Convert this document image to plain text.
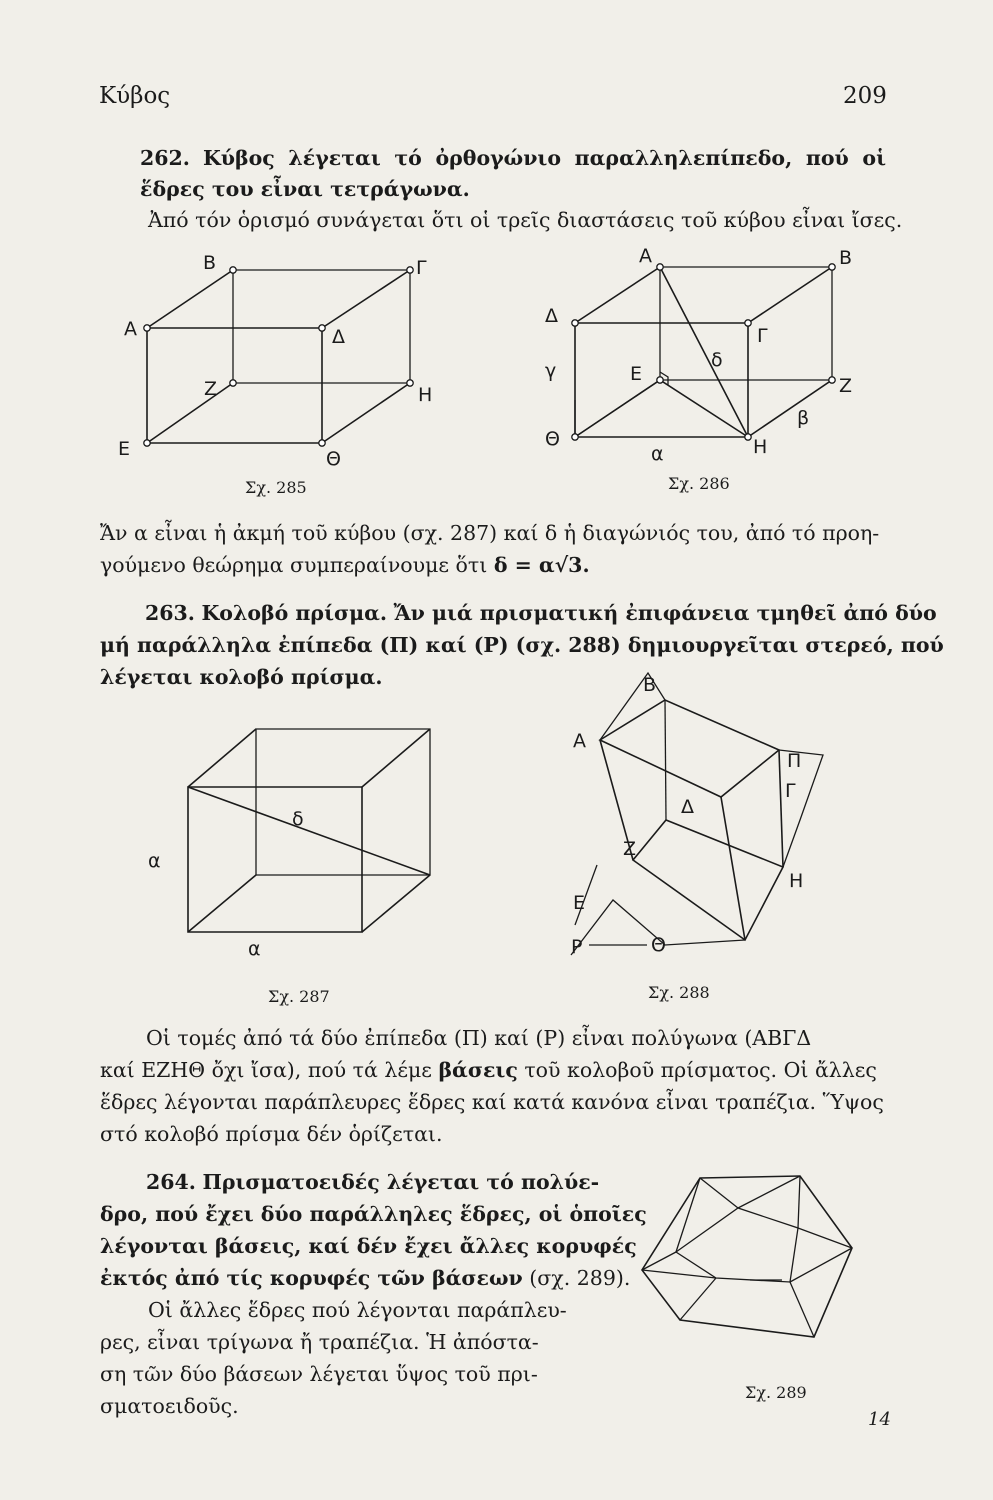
Κύβος	209
262. Κύβος λέγεται τό ὀρθογώνιο παραλληλεπίπεδο, πού οἱ ἕδρες του εἶναι τετράγωνα.
Ἀπό τόν ὁρισμό συνάγεται ὅτι οἱ τρεῖς διαστάσεις τοῦ κύβου εἶναι ἴσες.
Α
Β	Γ
Δ
Ζ	Η
Ε	Θ
Σχ. 285
Α	Β
Γ
Δ
Ε
Ζ
Η
Θ
α
β
γ	δ
Σχ. 286
Ἄν α εἶναι ἡ ἀκμή τοῦ κύβου (σχ. 287) καί δ ἡ διαγώνιός του, ἀπό τό προη-
γούμενο θεώρημα συμπεραίνουμε ὅτι δ = α√3.
263. Κολοβό πρίσμα. Ἄν μιά πρισματική ἐπιφάνεια τμηθεῖ ἀπό δύο
μή παράλληλα ἐπίπεδα (Π) καί (Ρ) (σχ. 288) δημιουργεῖται στερεό, πού
λέγεται κολοβό πρίσμα.
δ
α
α
Σχ. 287
Β
Α
Π
Γ
Δ
Ζ
Η
Ε
Ρ	Θ
Σχ. 288
Οἱ τομές ἀπό τά δύο ἐπίπεδα (Π) καί (Ρ) εἶναι πολύγωνα (ΑΒΓΔ
καί ΕΖΗΘ ὄχι ἴσα), πού τά λέμε βάσεις τοῦ κολοβοῦ πρίσματος. Οἱ ἄλλες
ἕδρες λέγονται παράπλευρες ἕδρες καί κατά κανόνα εἶναι τραπέζια. Ὕψος
στό κολοβό πρίσμα δέν ὁρίζεται.
264. Πρισματοειδές λέγεται τό πολύε-
δρο, πού ἔχει δύο παράλληλες ἕδρες, οἱ ὁποῖες
λέγονται βάσεις, καί δέν ἔχει ἄλλες κορυφές
ἐκτός ἀπό τίς κορυφές τῶν βάσεων (σχ. 289).
Οἱ ἄλλες ἕδρες πού λέγονται παράπλευ-
ρες, εἶναι τρίγωνα ἤ τραπέζια. Ἡ ἀπόστα-
ση τῶν δύο βάσεων λέγεται ὕψος τοῦ πρι-
σματοειδοῦς.
Σχ. 289
14
